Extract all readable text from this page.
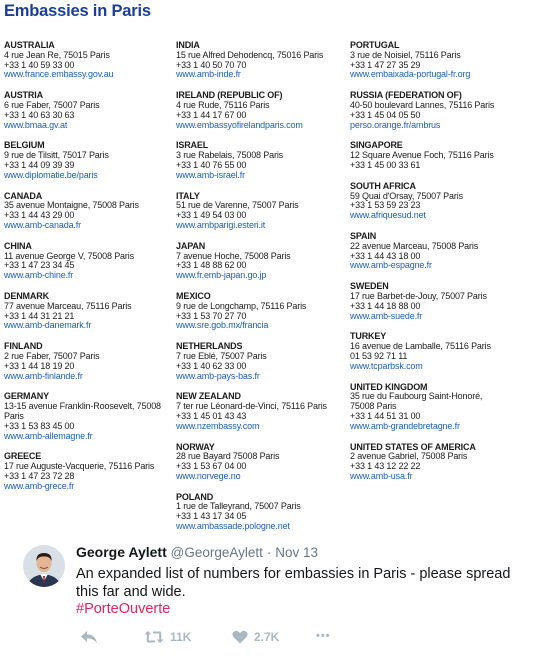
Embassies in Paris
AUSTRALIA
4 rue Jean Re, 75015 Paris
+33 1 40 59 33 00
www.france.embassy.gov.au
AUSTRIA
6 rue Faber, 75007 Paris
+33 1 40 63 30 63
www.bmaa.gv.at
BELGIUM
9 rue de Tilsitt, 75017 Paris
+33 1 44 09 39 39
www.diplomatie.be/paris
CANADA
35 avenue Montaigne, 75008 Paris
+33 1 44 43 29 00
www.amb-canada.fr
CHINA
11 avenue George V, 75008 Paris
+33 1 47 23 34 45
www.amb-chine.fr
DENMARK
77 avenue Marceau, 75116 Paris
+33 1 44 31 21 21
www.amb-danemark.fr
FINLAND
2 rue Faber, 75007 Paris
+33 1 44 18 19 20
www.amb-finlande.fr
GERMANY
13-15 avenue Franklin-Roosevelt, 75008
Paris
+33 1 53 83 45 00
www.amb-allemagne.fr
GREECE
17 rue Auguste-Vacquerie, 75116 Paris
+33 1 47 23 72 28
www.amb-grece.fr
INDIA
15 rue Alfred Dehodencq, 75016 Paris
+33 1 40 50 70 70
www.amb-inde.fr
IRELAND (REPUBLIC OF)
4 rue Rude, 75116 Paris
+33 1 44 17 67 00
www.embassyofirelandparis.com
ISRAEL
3 rue Rabelais, 75008 Paris
+33 1 40 76 55 00
www.amb-israel.fr
ITALY
51 rue de Varenne, 75007 Paris
+33 1 49 54 03 00
www.ambparigi.esteri.it
JAPAN
7 avenue Hoche, 75008 Paris
+33 1 48 88 62 00
www.fr.emb-japan.go.jp
MEXICO
9 rue de Longchamp, 75116 Paris
+33 1 53 70 27 70
www.sre.gob.mx/francia
NETHERLANDS
7 rue Eblé, 75007 Paris
+33 1 40 62 33 00
www.amb-pays-bas.fr
NEW ZEALAND
7 ter rue Léonard-de-Vinci, 75116 Paris
+33 1 45 01 43 43
www.nzembassy.com
NORWAY
28 rue Bayard 75008 Paris
+33 1 53 67 04 00
www.norvege.no
POLAND
1 rue de Talleyrand, 75007 Paris
+33 1 43 17 34 05
www.ambassade.pologne.net
PORTUGAL
3 rue de Noisiel, 75116 Paris
+33 1 47 27 35 29
www.embaixada-portugal-fr.org
RUSSIA (FEDERATION OF)
40-50 boulevard Lannes, 75116 Paris
+33 1 45 04 05 50
perso.orange.fr/ambrus
SINGAPORE
12 Square Avenue Foch, 75116 Paris
+33 1 45 00 33 61
SOUTH AFRICA
59 Quai d'Orsay, 75007 Paris
+33 1 53 59 23 23
www.afriquesud.net
SPAIN
22 avenue Marceau, 75008 Paris
+33 1 44 43 18 00
www.amb-espagne.fr
SWEDEN
17 rue Barbet-de-Jouy, 75007 Paris
+33 1 44 18 88 00
www.amb-suede.fr
TURKEY
16 avenue de Lamballe, 75116 Paris
01 53 92 71 11
www.tcparbsk.com
UNITED KINGDOM
35 rue du Faubourg Saint-Honoré,
75008 Paris
+33 1 44 51 31 00
www.amb-grandebretagne.fr
UNITED STATES OF AMERICA
2 avenue Gabriel, 75008 Paris
+33 1 43 12 22 22
www.amb-usa.fr
George Aylett @GeorgeAylett · Nov 13
An expanded list of numbers for embassies in Paris - please spread this far and wide.
#PorteOuverte
11K	2.7K	•••
